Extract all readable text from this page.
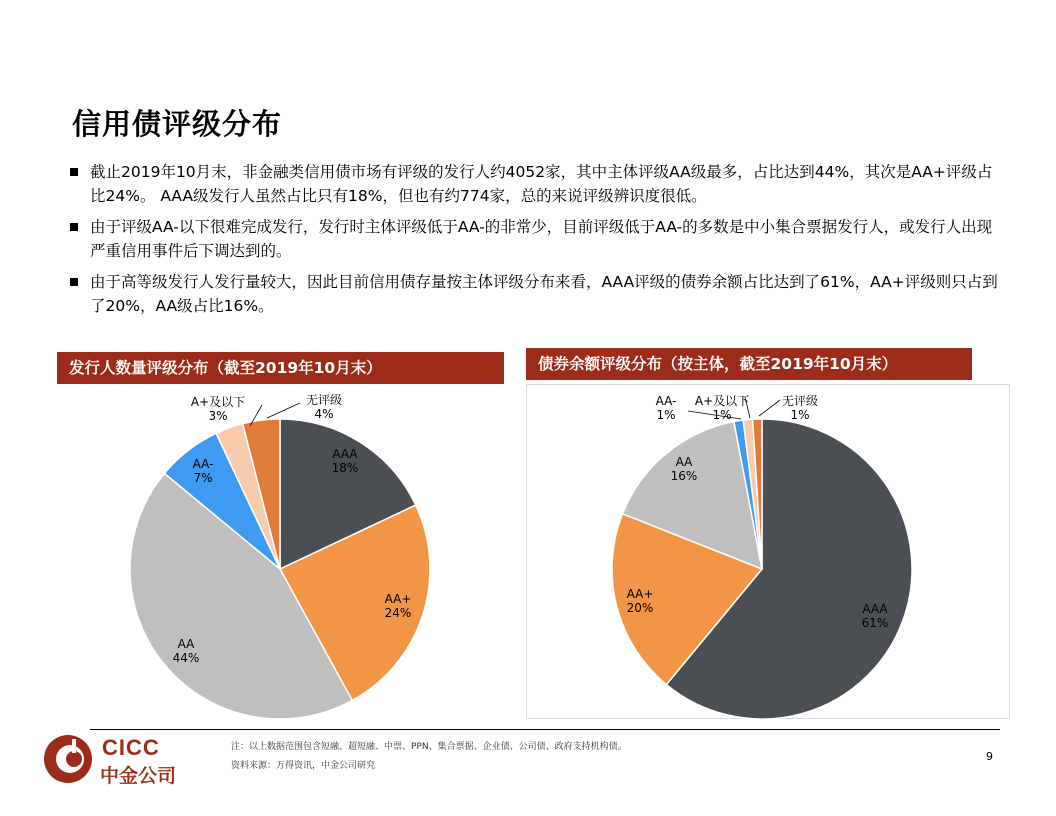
信用债评级分布
截止2019年10月末，非金融类信用债市场有评级的发行人约4052家，其中主体评级AA级最多，占比达到44%，其次是AA+评级占比24%。 AAA级发行人虽然占比只有18%，但也有约774家，总的来说评级辨识度很低。
由于评级AA-以下很难完成发行，发行时主体评级低于AA-的非常少，目前评级低于AA-的多数是中小集合票据发行人，或发行人出现严重信用事件后下调达到的。
由于高等级发行人发行量较大，因此目前信用债存量按主体评级分布来看，AAA评级的债券余额占比达到了61%，AA+评级则只占到了20%，AA级占比16%。
发行人数量评级分布（截至2019年10月末）	债券余额评级分布（按主体，截至2019年10月末）
AAA
18%
AA+
24%
AA
44%
AA-
7%
A+及以下
3%
无评级
4%
AAA
61%
AA+
20%
AA
16%
AA-
1%
A+及以下
1%
无评级
1%
注：以上数据范围包含短融、超短融、中票、PPN、集合票据、企业债、公司债、政府支持机构债。
资料来源：万得资讯，中金公司研究
9
CICC
中金公司
